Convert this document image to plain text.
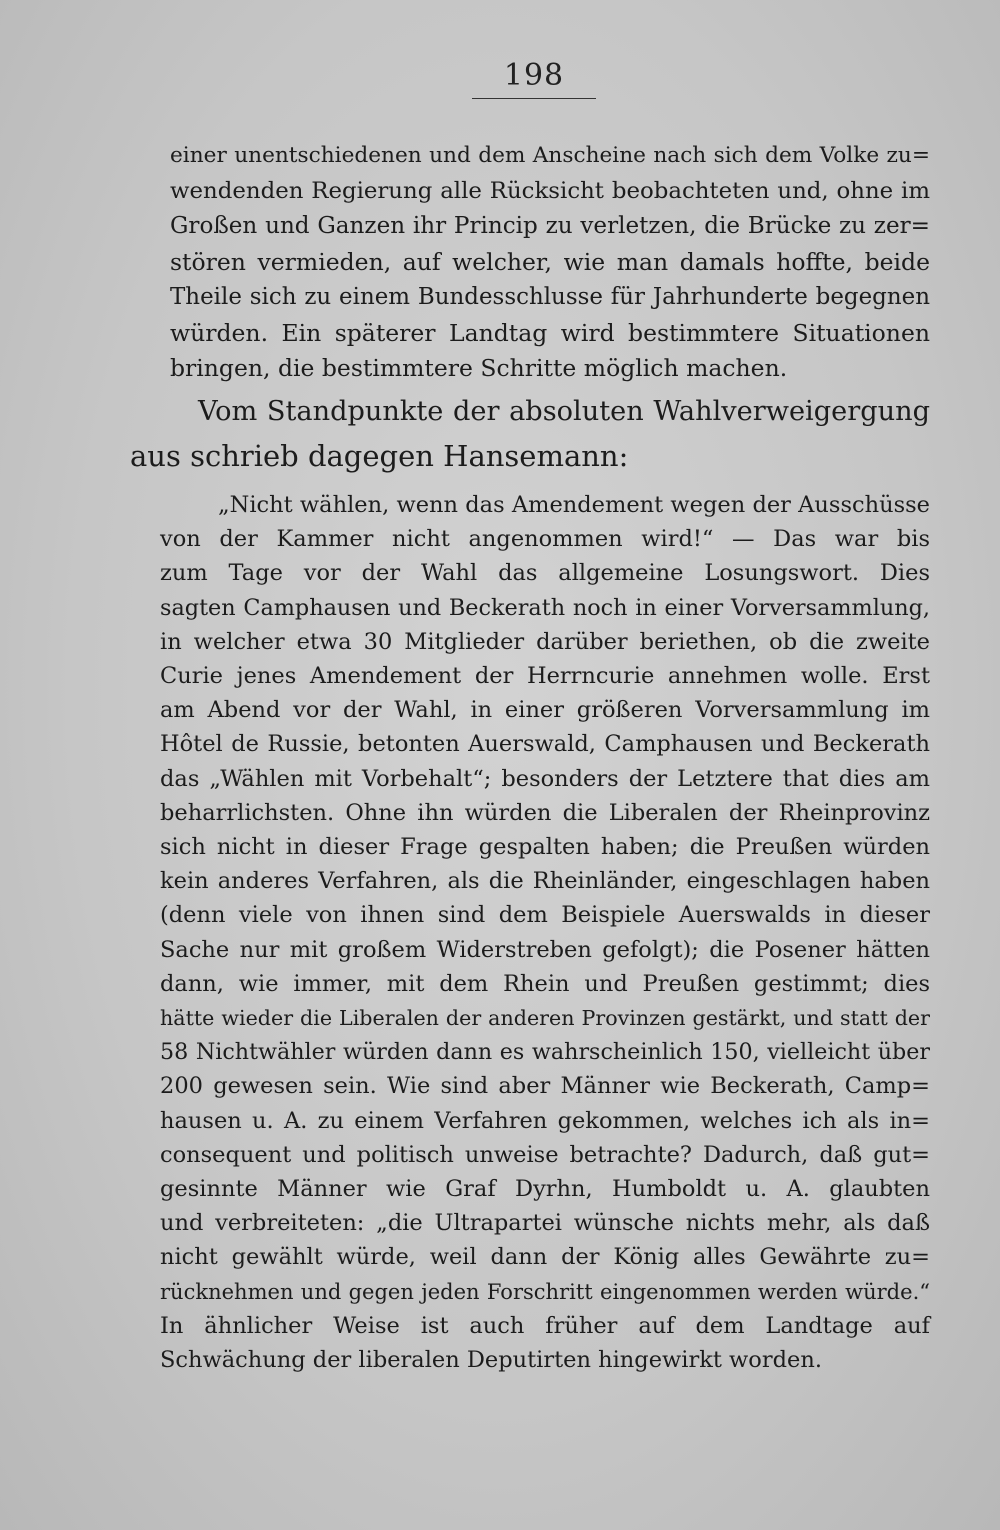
198
einer unentschiedenen und dem Anscheine nach sich dem Volke zu=
wendenden Regierung alle Rücksicht beobachteten und, ohne im
Großen und Ganzen ihr Princip zu verletzen, die Brücke zu zer=
stören vermieden, auf welcher, wie man damals hoffte, beide
Theile sich zu einem Bundesschlusse für Jahrhunderte begegnen
würden. Ein späterer Landtag wird bestimmtere Situationen
bringen, die bestimmtere Schritte möglich machen.
Vom Standpunkte der absoluten Wahlverweigergung
aus schrieb dagegen Hansemann:
„Nicht wählen, wenn das Amendement wegen der Ausschüsse
von der Kammer nicht angenommen wird!“ — Das war bis
zum Tage vor der Wahl das allgemeine Losungswort. Dies
sagten Camphausen und Beckerath noch in einer Vorversammlung,
in welcher etwa 30 Mitglieder darüber beriethen, ob die zweite
Curie jenes Amendement der Herrncurie annehmen wolle. Erst
am Abend vor der Wahl, in einer größeren Vorversammlung im
Hôtel de Russie, betonten Auerswald, Camphausen und Beckerath
das „Wählen mit Vorbehalt“; besonders der Letztere that dies am
beharrlichsten. Ohne ihn würden die Liberalen der Rheinprovinz
sich nicht in dieser Frage gespalten haben; die Preußen würden
kein anderes Verfahren, als die Rheinländer, eingeschlagen haben
(denn viele von ihnen sind dem Beispiele Auerswalds in dieser
Sache nur mit großem Widerstreben gefolgt); die Posener hätten
dann, wie immer, mit dem Rhein und Preußen gestimmt; dies
hätte wieder die Liberalen der anderen Provinzen gestärkt, und statt der
58 Nichtwähler würden dann es wahrscheinlich 150, vielleicht über
200 gewesen sein. Wie sind aber Männer wie Beckerath, Camp=
hausen u. A. zu einem Verfahren gekommen, welches ich als in=
consequent und politisch unweise betrachte? Dadurch, daß gut=
gesinnte Männer wie Graf Dyrhn, Humboldt u. A. glaubten
und verbreiteten: „die Ultrapartei wünsche nichts mehr, als daß
nicht gewählt würde, weil dann der König alles Gewährte zu=
rücknehmen und gegen jeden Forschritt eingenommen werden würde.“
In ähnlicher Weise ist auch früher auf dem Landtage auf
Schwächung der liberalen Deputirten hingewirkt worden.
